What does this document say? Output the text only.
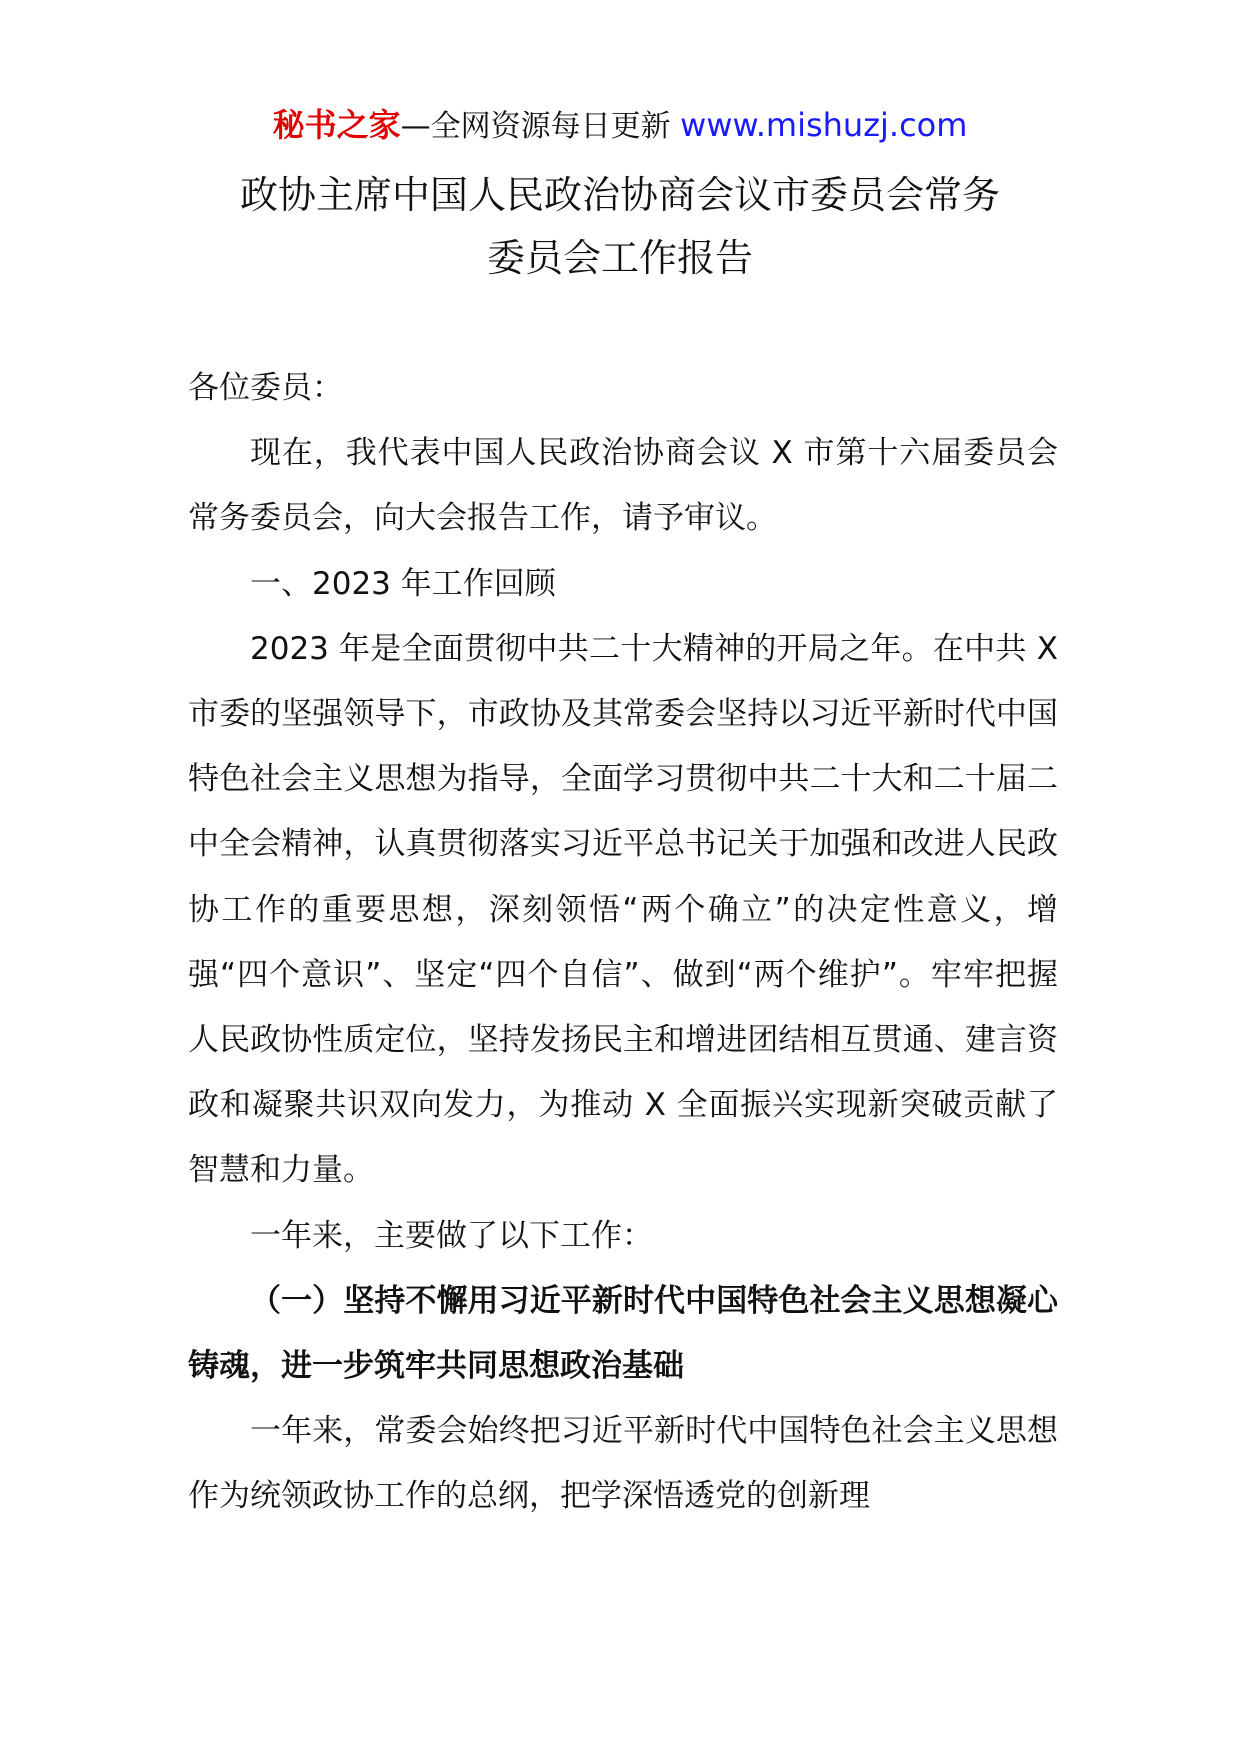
秘书之家—全网资源每日更新 www.mishuzj.com
政协主席中国人民政治协商会议市委员会常务
委员会工作报告

各位委员：

现在，我代表中国人民政治协商会议 X 市第十六届委员会常务委员会，向大会报告工作，请予审议。

一、2023 年工作回顾

2023 年是全面贯彻中共二十大精神的开局之年。在中共 X 市委的坚强领导下，市政协及其常委会坚持以习近平新时代中国特色社会主义思想为指导，全面学习贯彻中共二十大和二十届二中全会精神，认真贯彻落实习近平总书记关于加强和改进人民政协工作的重要思想，深刻领悟“两个确立”的决定性意义，增强“四个意识”、坚定“四个自信”、做到“两个维护”。牢牢把握人民政协性质定位，坚持发扬民主和增进团结相互贯通、建言资政和凝聚共识双向发力，为推动 X 全面振兴实现新突破贡献了智慧和力量。

一年来，主要做了以下工作：

（一）坚持不懈用习近平新时代中国特色社会主义思想凝心铸魂，进一步筑牢共同思想政治基础

一年来，常委会始终把习近平新时代中国特色社会主义思想作为统领政协工作的总纲，把学深悟透党的创新理
